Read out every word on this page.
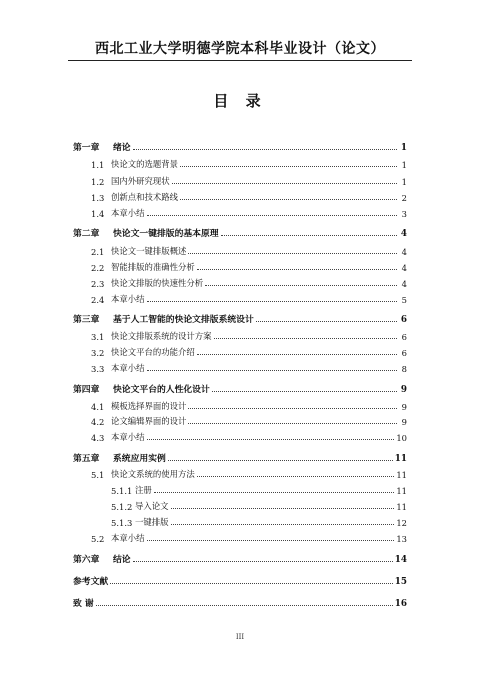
西北工业大学明德学院本科毕业设计（论文）
目 录
第一章	绪论	1
1.1 快论文的选题背景	1
1.2 国内外研究现状	1
1.3 创新点和技术路线	2
1.4 本章小结	3
第二章	快论文一键排版的基本原理	4
2.1 快论文一键排版概述	4
2.2 智能排版的准确性分析	4
2.3 快论文排版的快速性分析	4
2.4 本章小结	5
第三章	基于人工智能的快论文排版系统设计	6
3.1 快论文排版系统的设计方案	6
3.2 快论文平台的功能介绍	6
3.3 本章小结	8
第四章	快论文平台的人性化设计	9
4.1 模板选择界面的设计	9
4.2 论文编辑界面的设计	9
4.3 本章小结	10
第五章	系统应用实例	11
5.1 快论文系统的使用方法	11
5.1.1 注册	11
5.1.2 导入论文	11
5.1.3 一键排版	12
5.2 本章小结	13
第六章	结论	14
参考文献	15
致 谢	16
III
